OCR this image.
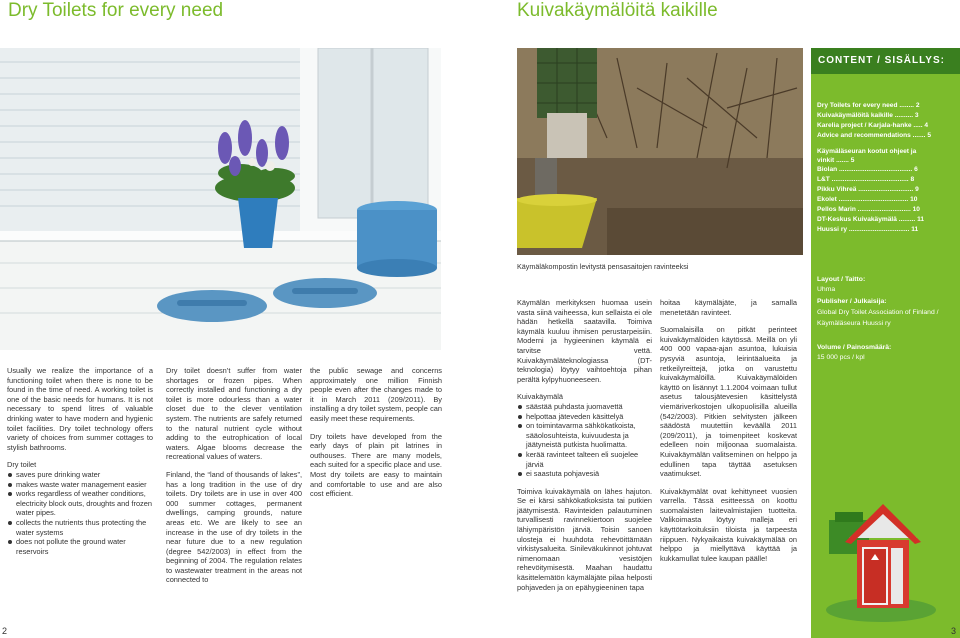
Dry Toilets for every need	Kuivakäymälöitä kaikille
Käymäläkompostin levitystä pensasaitojen ravinteeksi
CONTENT / SISÄLLYS:
Dry Toilets for every need ........ 2
Kuivakäymälöitä kaikille .......... 3
Karelia project / Karjala-hanke ..... 4
Advice and recommendations ....... 5
Käymäläseuran kootut ohjeet ja vinkit ....... 5
Biolan ........................................ 6
L&T .......................................... 8
Pikku Vihreä .............................. 9
Ekolet ...................................... 10
Pellos Marin ............................. 10
DT-Keskus Kuivakäymälä ......... 11
Huussi ry ................................. 11
Layout / Taitto:
Uhma
Publisher / Julkaisija:
Global Dry Toilet Association of Finland / Käymäläseura Huussi ry
Volume / Painosmäärä:
15 000 pcs / kpl

Usually we realize the importance of a functioning toilet when there is none to be found in the time of need. A working toilet is one of the basic needs for humans. It is not necessary to spend litres of valuable drinking water to have modern and hygienic toilet facilities. Dry toilet technology offers variety of choices from summer cottages to stylish bathrooms.

Dry toilet
saves pure drinking water
makes waste water management easier
works regardless of weather conditions, electricity block outs, droughts and frozen water pipes.
collects the nutrients thus protecting the water systems
does not pollute the ground water reservoirs

Dry toilet doesn’t suffer from water shortages or frozen pipes. When correctly installed and functioning a dry toilet is more odourless than a water closet due to the clever ventilation system. The nutrients are safely returned to the natural nutrient cycle without adding to the eutrophication of local waters. Algae blooms decrease the recreational values of waters.

Finland, the “land of thousands of lakes”, has a long tradition in the use of dry toilets. Dry toilets are in use in over 400 000 summer cottages, permanent dwellings, camping grounds, nature areas etc. We are likely to see an increase in the use of dry toilets in the near future due to a new regulation (degree 542/2003) in effect from the beginning of 2004. The regulation relates to wastewater treatment in the areas not connected to

the public sewage and concerns approximately one million Finnish people even after the changes made to it in March 2011 (209/2011). By installing a dry toilet system, people can easily meet these requirements.

Dry toilets have developed from the early days of plain pit latrines in outhouses. There are many models, each suited for a specific place and use. Most dry toilets are easy to maintain and comfortable to use and are also cost efficient.

Käymälän merkityksen huomaa usein vasta siinä vaiheessa, kun sellaista ei ole hädän hetkellä saatavilla. Toimiva käymälä kuuluu ihmisen perustarpeisiin. Moderni ja hygieeninen käymälä ei tarvitse vettä. Kuivakäymäläteknologiassa (DT- teknologia) löytyy vaihtoehtoja pihan perältä kylpyhuoneeseen.

Kuivakäymälä
säästää puhdasta juomavettä
helpottaa jäteveden käsittelyä
on toimintavarma sähkökatkoista, sääolosuhteista, kuivuudesta ja jäätyneistä putkista huolimatta.
kerää ravinteet talteen eli suojelee järviä
ei saastuta pohjavesiä

Toimiva kuivakäymälä on lähes hajuton. Se ei kärsi sähkökatkoksista tai putkien jäätymisestä. Ravinteiden palautuminen turvallisesti ravinnekiertoon suojelee lähiympäristön järviä. Toisin sanoen uloste​ja ei huuhdota rehevöittämään virkistysalueita. Sinilevä​kukinnot johtuvat nimenomaan vesistöjen rehevöitymisestä. Maahan haudattu käsittelemätön käymäläjäte pilaa helposti pohjaveden ja on epähygieeninen tapa

hoitaa käymäläjäte, ja samalla menetetään ravinteet.

Suomalaisilla on pitkät perinteet kuivakäymälöiden käytössä. Meillä on yli 400 000 vapaa-ajan asuntoa, lukuisia pysyviä asuntoja, leirintäalueita ja retkeilyreittejä, jotka on varustettu kuivakäymälöillä. Kuivakäymälöiden käyttö on lisännyt 1.1.2004 voimaan tullut asetus talousjätevesien käsittelystä viemäriverkostojen ulkopuolisilla alueilla (542/2003). Pitkien selvitysten jälkeen säädöstä muutettiin keväällä 2011 (209/2011), ja toimenpiteet koskevat edelleen noin miljoonaa suomalaista. Kuivakäymälän valitseminen on helppo ja edullinen tapa täyttää asetuksen vaatimukset.

Kuivakäymälät ovat kehittyneet vuosien varrella. Tässä esitteessä on koottu suomalaisten laitevalmistajien tuotteita. Valikoimasta löytyy malleja eri käyttötarkoituksiin tiloista ja tarpeesta riippuen. Nykyaikaista kuivakäymälää on helppo ja miellyttävä käyttää ja kukkamullat tulee kaupan päälle!

2	3
